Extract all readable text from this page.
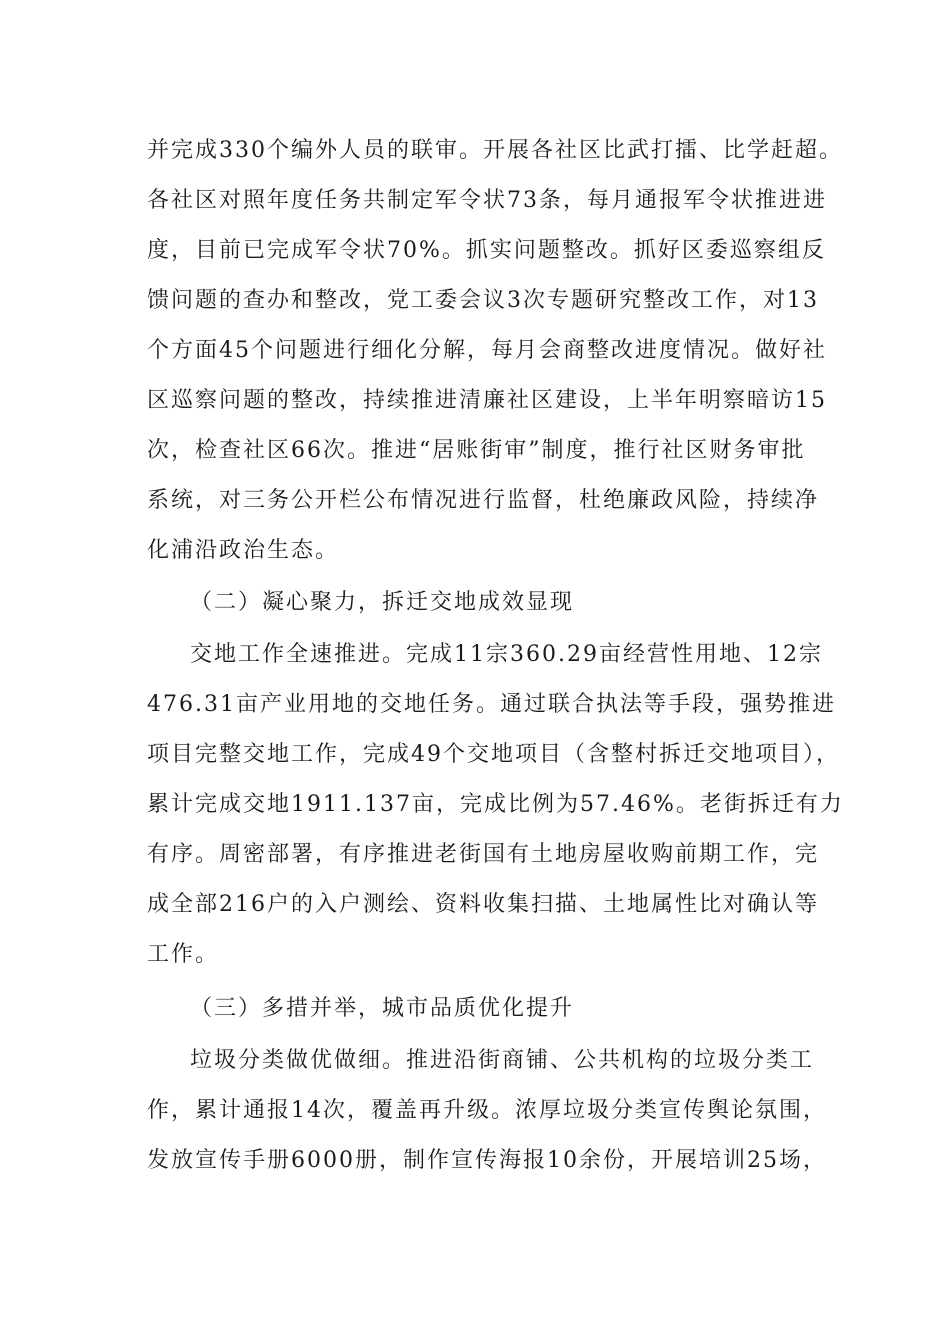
并完成330个编外人员的联审。开展各社区比武打擂、比学赶超。
各社区对照年度任务共制定军令状73条，每月通报军令状推进进
度，目前已完成军令状70%。抓实问题整改。抓好区委巡察组反
馈问题的查办和整改，党工委会议3次专题研究整改工作，对13
个方面45个问题进行细化分解，每月会商整改进度情况。做好社
区巡察问题的整改，持续推进清廉社区建设，上半年明察暗访15
次，检查社区66次。推进“居账街审”制度，推行社区财务审批
系统，对三务公开栏公布情况进行监督，杜绝廉政风险，持续净
化浦沿政治生态。
（二）凝心聚力，拆迁交地成效显现
交地工作全速推进。完成11宗360.29亩经营性用地、12宗
476.31亩产业用地的交地任务。通过联合执法等手段，强势推进
项目完整交地工作，完成49个交地项目（含整村拆迁交地项目），
累计完成交地1911.137亩，完成比例为57.46%。老街拆迁有力
有序。周密部署，有序推进老街国有土地房屋收购前期工作，完
成全部216户的入户测绘、资料收集扫描、土地属性比对确认等
工作。
（三）多措并举，城市品质优化提升
垃圾分类做优做细。推进沿街商铺、公共机构的垃圾分类工
作，累计通报14次，覆盖再升级。浓厚垃圾分类宣传舆论氛围，
发放宣传手册6000册，制作宣传海报10余份，开展培训25场，
